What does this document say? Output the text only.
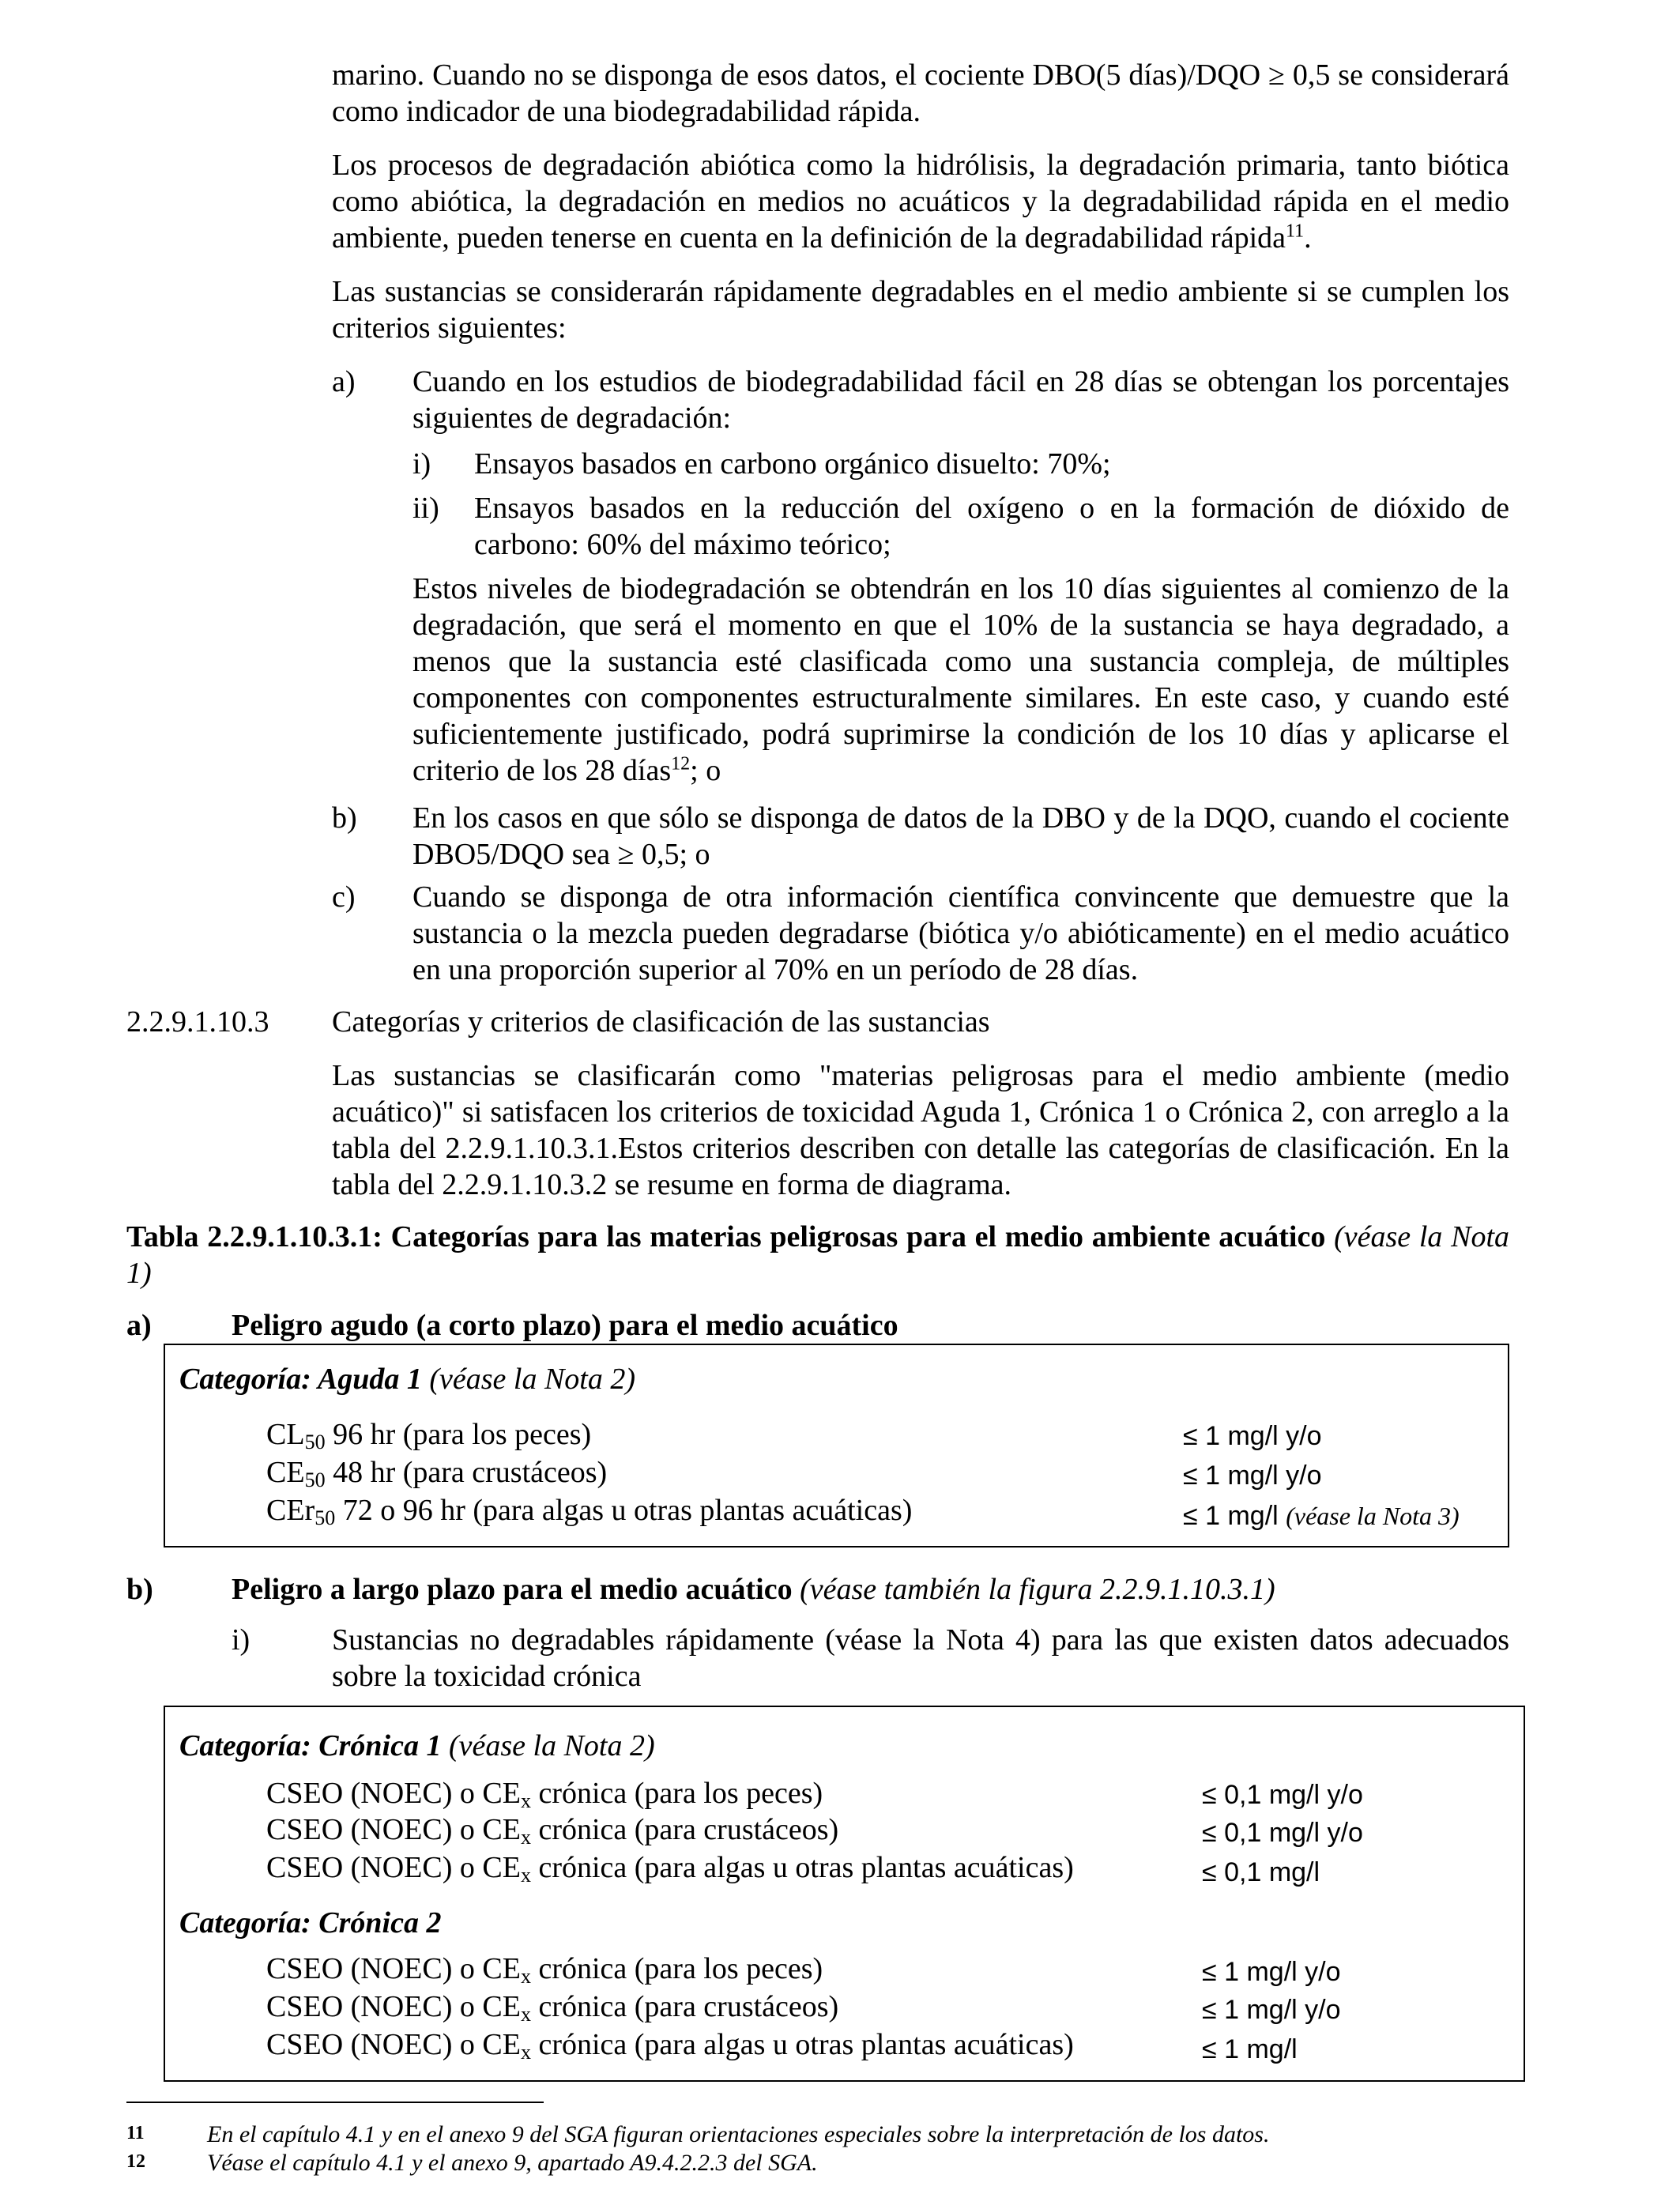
marino. Cuando no se disponga de esos datos, el cociente DBO(5 días)/DQO ≥ 0,5 se considerará como indicador de una biodegradabilidad rápida.

Los procesos de degradación abiótica como la hidrólisis, la degradación primaria, tanto biótica como abiótica, la degradación en medios no acuáticos y la degradabilidad rápida en el medio ambiente, pueden tenerse en cuenta en la definición de la degradabilidad rápida$^{11}$.

Las sustancias se considerarán rápidamente degradables en el medio ambiente si se cumplen los criterios siguientes:

a) Cuando en los estudios de biodegradabilidad fácil en 28 días se obtengan los porcentajes siguientes de degradación:

i) Ensayos basados en carbono orgánico disuelto: 70%;

ii) Ensayos basados en la reducción del oxígeno o en la formación de dióxido de carbono: 60% del máximo teórico;

Estos niveles de biodegradación se obtendrán en los 10 días siguientes al comienzo de la degradación, que será el momento en que el 10% de la sustancia se haya degradado, a menos que la sustancia esté clasificada como una sustancia compleja, de múltiples componentes con componentes estructuralmente similares. En este caso, y cuando esté suficientemente justificado, podrá suprimirse la condición de los 10 días y aplicarse el criterio de los 28 días$^{12}$; o

b) En los casos en que sólo se disponga de datos de la DBO y de la DQO, cuando el cociente DBO5/DQO sea ≥ 0,5; o

c) Cuando se disponga de otra información científica convincente que demuestre que la sustancia o la mezcla pueden degradarse (biótica y/o abióticamente) en el medio acuático en una proporción superior al 70% en un período de 28 días.

2.2.9.1.10.3 Categorías y criterios de clasificación de las sustancias

Las sustancias se clasificarán como "materias peligrosas para el medio ambiente (medio acuático)" si satisfacen los criterios de toxicidad Aguda 1, Crónica 1 o Crónica 2, con arreglo a la tabla del 2.2.9.1.10.3.1.Estos criterios describen con detalle las categorías de clasificación. En la tabla del 2.2.9.1.10.3.2 se resume en forma de diagrama.

Tabla 2.2.9.1.10.3.1: Categorías para las materias peligrosas para el medio ambiente acuático (véase la Nota 1)

a)	Peligro agudo (a corto plazo) para el medio acuático
Categoría: Aguda 1 (véase la Nota 2)
$CL_{50}$ 96 hr (para los peces)	≤ 1 mg/l y/o
$CE_{50}$ 48 hr (para crustáceos)	≤ 1 mg/l y/o
CEr$_{50}$ 72 o 96 hr (para algas u otras plantas acuáticas)	≤ 1 mg/l (véase la Nota 3)
b)	Peligro a largo plazo para el medio acuático (véase también la figura 2.2.9.1.10.3.1)
i)	Sustancias no degradables rápidamente (véase la Nota 4) para las que existen datos adecuados sobre la toxicidad crónica

Categoría: Crónica 1 (véase la Nota 2)
CSEO (NOEC) o $CE_x$ crónica (para los peces)	≤ 0,1 mg/l y/o
CSEO (NOEC) o $CE_x$ crónica (para crustáceos)	≤ 0,1 mg/l y/o
CSEO (NOEC) o $CE_x$ crónica (para algas u otras plantas acuáticas)	≤ 0,1 mg/l
Categoría: Crónica 2
CSEO (NOEC) o $CE_x$ crónica (para los peces)	≤ 1 mg/l y/o
CSEO (NOEC) o $CE_x$ crónica (para crustáceos)	≤ 1 mg/l y/o
CSEO (NOEC) o $CE_x$ crónica (para algas u otras plantas acuáticas)	≤ 1 mg/l
11	En el capítulo 4.1 y en el anexo 9 del SGA figuran orientaciones especiales sobre la interpretación de los datos.
12	Véase el capítulo 4.1 y el anexo 9, apartado A9.4.2.2.3 del SGA.
